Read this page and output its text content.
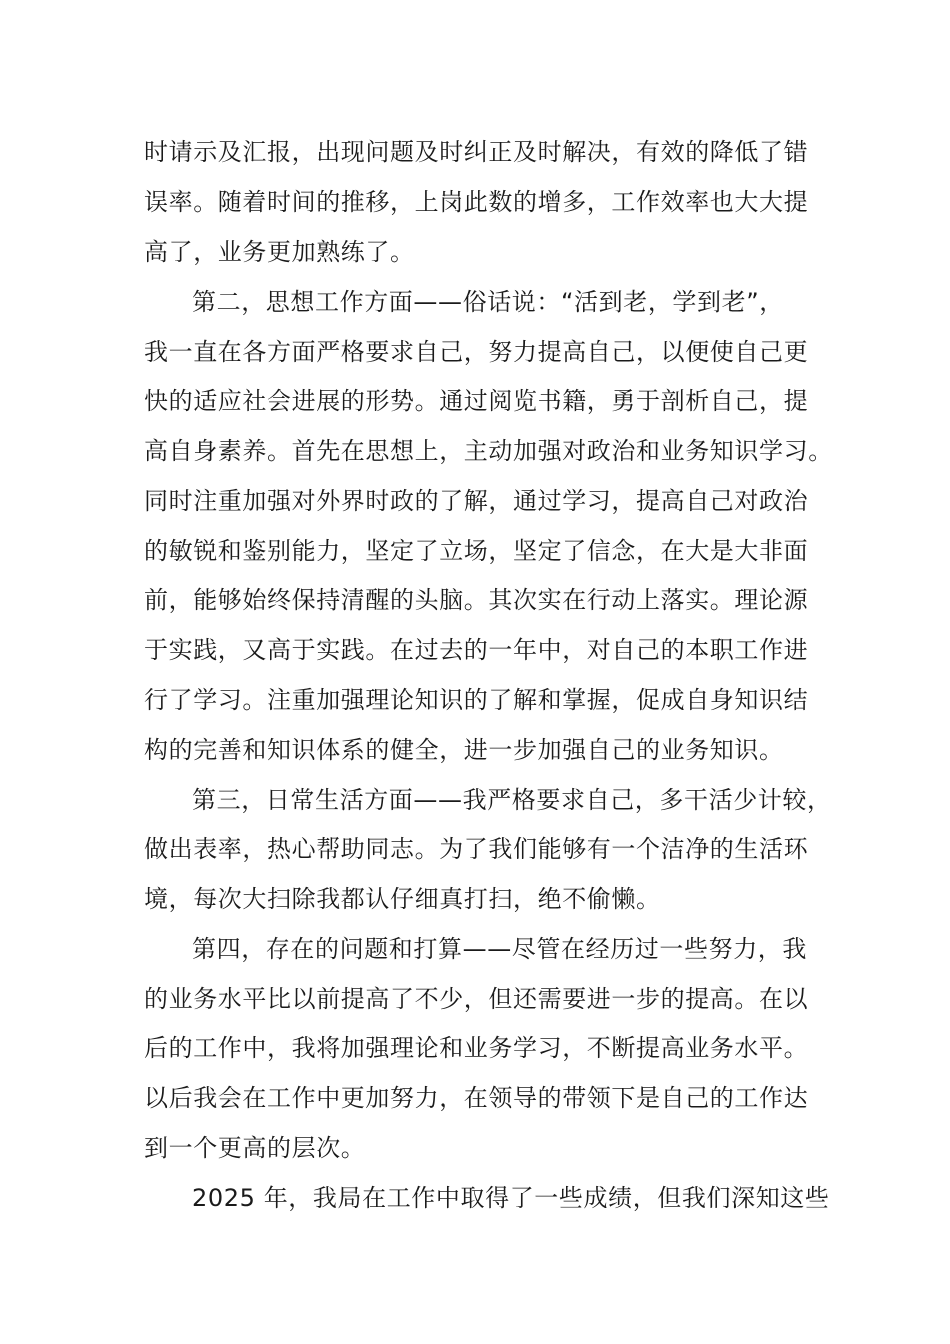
时请示及汇报，出现问题及时纠正及时解决，有效的降低了错
误率。随着时间的推移，上岗此数的增多，工作效率也大大提
高了，业务更加熟练了。
第二，思想工作方面——俗话说：“活到老，学到老”，
我一直在各方面严格要求自己，努力提高自己，以便使自己更
快的适应社会进展的形势。通过阅览书籍，勇于剖析自己，提
高自身素养。首先在思想上，主动加强对政治和业务知识学习。
同时注重加强对外界时政的了解，通过学习，提高自己对政治
的敏锐和鉴别能力，坚定了立场，坚定了信念，在大是大非面
前，能够始终保持清醒的头脑。其次实在行动上落实。理论源
于实践，又高于实践。在过去的一年中，对自己的本职工作进
行了学习。注重加强理论知识的了解和掌握，促成自身知识结
构的完善和知识体系的健全，进一步加强自己的业务知识。
第三，日常生活方面——我严格要求自己，多干活少计较，
做出表率，热心帮助同志。为了我们能够有一个洁净的生活环
境，每次大扫除我都认仔细真打扫，绝不偷懒。
第四，存在的问题和打算——尽管在经历过一些努力，我
的业务水平比以前提高了不少，但还需要进一步的提高。在以
后的工作中，我将加强理论和业务学习，不断提高业务水平。
以后我会在工作中更加努力，在领导的带领下是自己的工作达
到一个更高的层次。
2025 年，我局在工作中取得了一些成绩，但我们深知这些
